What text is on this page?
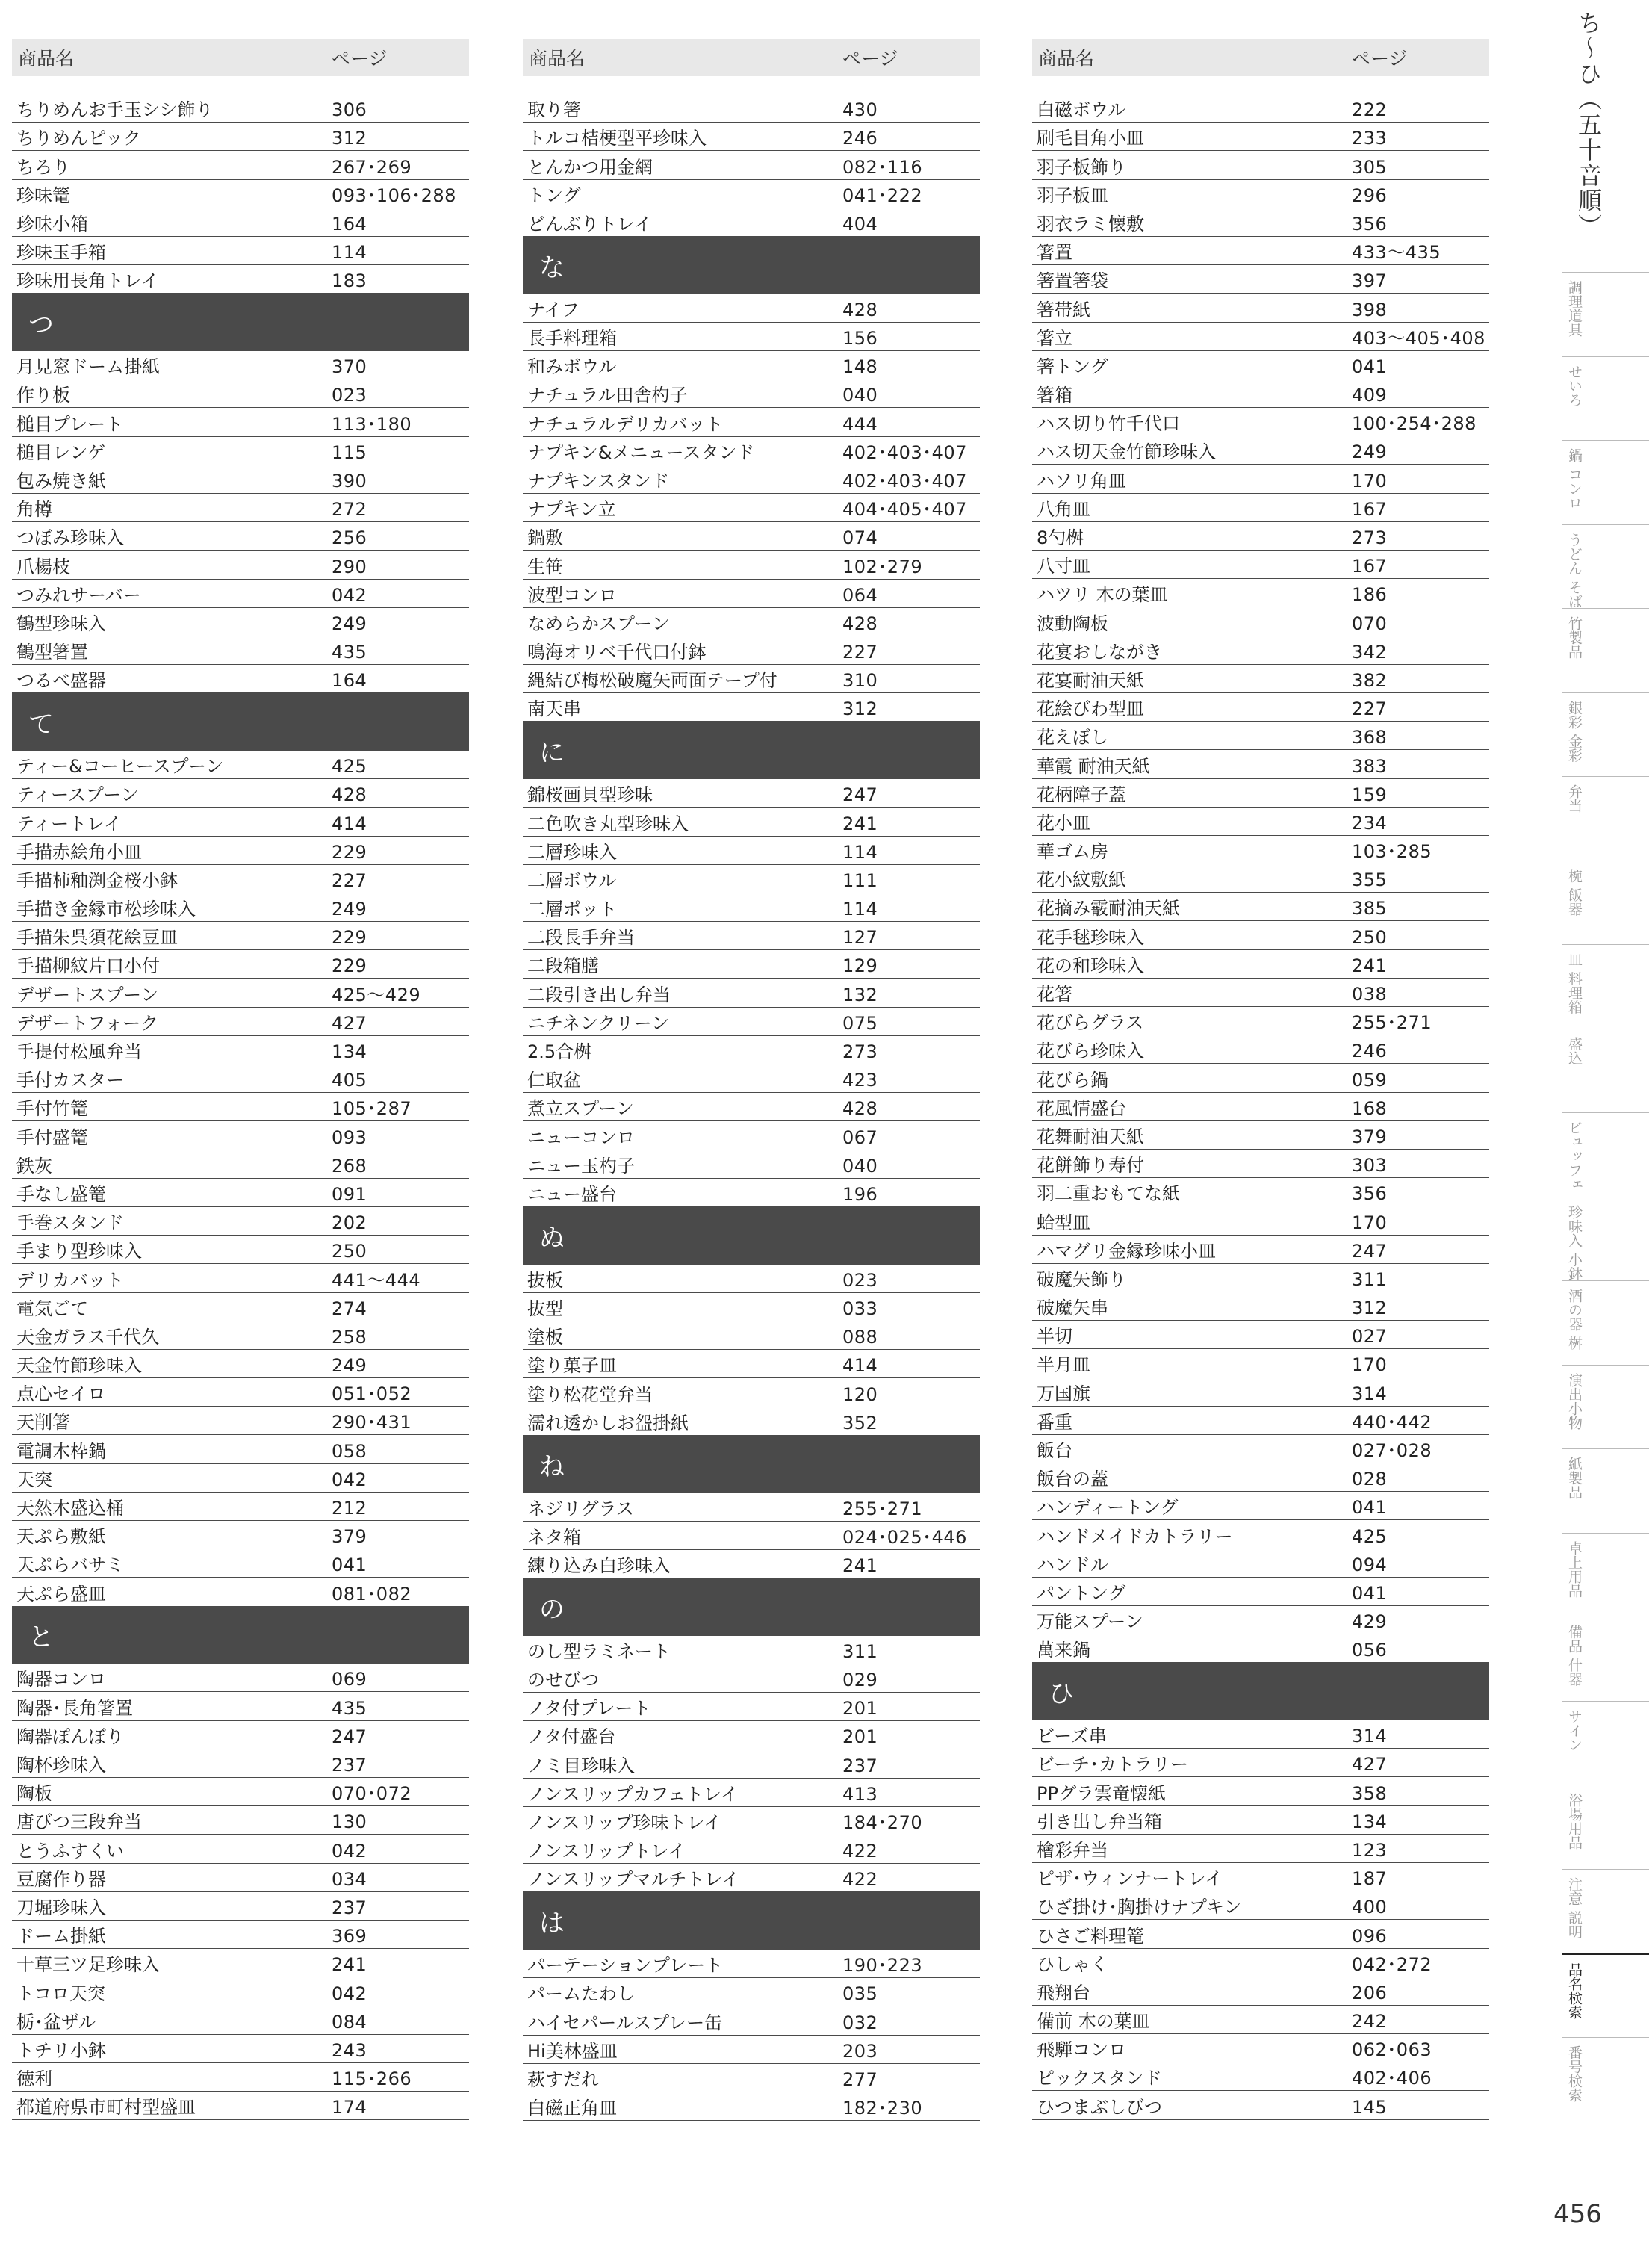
商品名	ページ
ちりめんお手玉シシ飾り	306
ちりめんピック	312
ちろり	267･269
珍味篭	093･106･288
珍味小箱	164
珍味玉手箱	114
珍味用長角トレイ	183
つ
月見窓ドーム掛紙	370
作り板	023
槌目プレート	113･180
槌目レンゲ	115
包み焼き紙	390
角樽	272
つぼみ珍味入	256
爪楊枝	290
つみれサーバー	042
鶴型珍味入	249
鶴型箸置	435
つるべ盛器	164
て
ティー&コーヒースプーン	425
ティースプーン	428
ティートレイ	414
手描赤絵角小皿	229
手描柿釉渕金桜小鉢	227
手描き金縁市松珍味入	249
手描朱呉須花絵豆皿	229
手描柳紋片口小付	229
デザートスプーン	425〜429
デザートフォーク	427
手提付松風弁当	134
手付カスター	405
手付竹篭	105･287
手付盛篭	093
鉄灰	268
手なし盛篭	091
手巻スタンド	202
手まり型珍味入	250
デリカバット	441〜444
電気ごて	274
天金ガラス千代久	258
天金竹節珍味入	249
点心セイロ	051･052
天削箸	290･431
電調木枠鍋	058
天突	042
天然木盛込桶	212
天ぷら敷紙	379
天ぷらバサミ	041
天ぷら盛皿	081･082
と
陶器コンロ	069
陶器･長角箸置	435
陶器ぽんぼり	247
陶杯珍味入	237
陶板	070･072
唐びつ三段弁当	130
とうふすくい	042
豆腐作り器	034
刀堀珍味入	237
ドーム掛紙	369
十草三ツ足珍味入	241
トコロ天突	042
栃･盆ザル	084
トチリ小鉢	243
徳利	115･266
都道府県市町村型盛皿	174
商品名	ページ
取り箸	430
トルコ桔梗型平珍味入	246
とんかつ用金網	082･116
トング	041･222
どんぶりトレイ	404
な
ナイフ	428
長手料理箱	156
和みボウル	148
ナチュラル田舎杓子	040
ナチュラルデリカバット	444
ナプキン&メニュースタンド	402･403･407
ナプキンスタンド	402･403･407
ナプキン立	404･405･407
鍋敷	074
生笹	102･279
波型コンロ	064
なめらかスプーン	428
鳴海オリベ千代口付鉢	227
縄結び梅松破魔矢両面テープ付	310
南天串	312
に
錦桜画貝型珍味	247
二色吹き丸型珍味入	241
二層珍味入	114
二層ボウル	111
二層ポット	114
二段長手弁当	127
二段箱膳	129
二段引き出し弁当	132
ニチネンクリーン	075
2.5合桝	273
仁取盆	423
煮立スプーン	428
ニューコンロ	067
ニュー玉杓子	040
ニュー盛台	196
ぬ
抜板	023
抜型	033
塗板	088
塗り菓子皿	414
塗り松花堂弁当	120
濡れ透かしお盌掛紙	352
ね
ネジリグラス	255･271
ネタ箱	024･025･446
練り込み白珍味入	241
の
のし型ラミネート	311
のせびつ	029
ノタ付プレート	201
ノタ付盛台	201
ノミ目珍味入	237
ノンスリップカフェトレイ	413
ノンスリップ珍味トレイ	184･270
ノンスリップトレイ	422
ノンスリップマルチトレイ	422
は
パーテーションプレート	190･223
パームたわし	035
ハイセパールスプレー缶	032
Hi美林盛皿	203
萩すだれ	277
白磁正角皿	182･230
商品名	ページ
白磁ボウル	222
刷毛目角小皿	233
羽子板飾り	305
羽子板皿	296
羽衣ラミ懐敷	356
箸置	433〜435
箸置箸袋	397
箸帯紙	398
箸立	403〜405･408
箸トング	041
箸箱	409
ハス切り竹千代口	100･254･288
ハス切天金竹節珍味入	249
ハソリ角皿	170
八角皿	167
8勺桝	273
八寸皿	167
ハツリ 木の葉皿	186
波動陶板	070
花宴おしながき	342
花宴耐油天紙	382
花絵びわ型皿	227
花えぼし	368
華霞 耐油天紙	383
花柄障子蓋	159
花小皿	234
華ゴム房	103･285
花小紋敷紙	355
花摘み霰耐油天紙	385
花手毬珍味入	250
花の和珍味入	241
花箸	038
花びらグラス	255･271
花びら珍味入	246
花びら鍋	059
花風情盛台	168
花舞耐油天紙	379
花餅飾り寿付	303
羽二重おもてな紙	356
蛤型皿	170
ハマグリ金縁珍味小皿	247
破魔矢飾り	311
破魔矢串	312
半切	027
半月皿	170
万国旗	314
番重	440･442
飯台	027･028
飯台の蓋	028
ハンディートング	041
ハンドメイドカトラリー	425
ハンドル	094
パントング	041
万能スプーン	429
萬来鍋	056
ひ
ビーズ串	314
ビーチ･カトラリー	427
PPグラ雲竜懐紙	358
引き出し弁当箱	134
檜彩弁当	123
ピザ･ウィンナートレイ	187
ひざ掛け･胸掛けナプキン	400
ひさご料理篭	096
ひしゃく	042･272
飛翔台	206
備前 木の葉皿	242
飛騨コンロ	062･063
ピックスタンド	402･406
ひつまぶしびつ	145
ち〜ひ︵五十音順︶
調理道具
せいろ
鍋 コンロ
うどん そば
竹製品
銀彩 金彩
弁当
椀 飯器
皿 料理箱
盛込
ビュッフェ
珍味入 小鉢
酒の器 桝
演出小物
紙製品
卓上用品
備品 什器
サイン
浴場用品
注意 説明
品名検索
番号検索
456
